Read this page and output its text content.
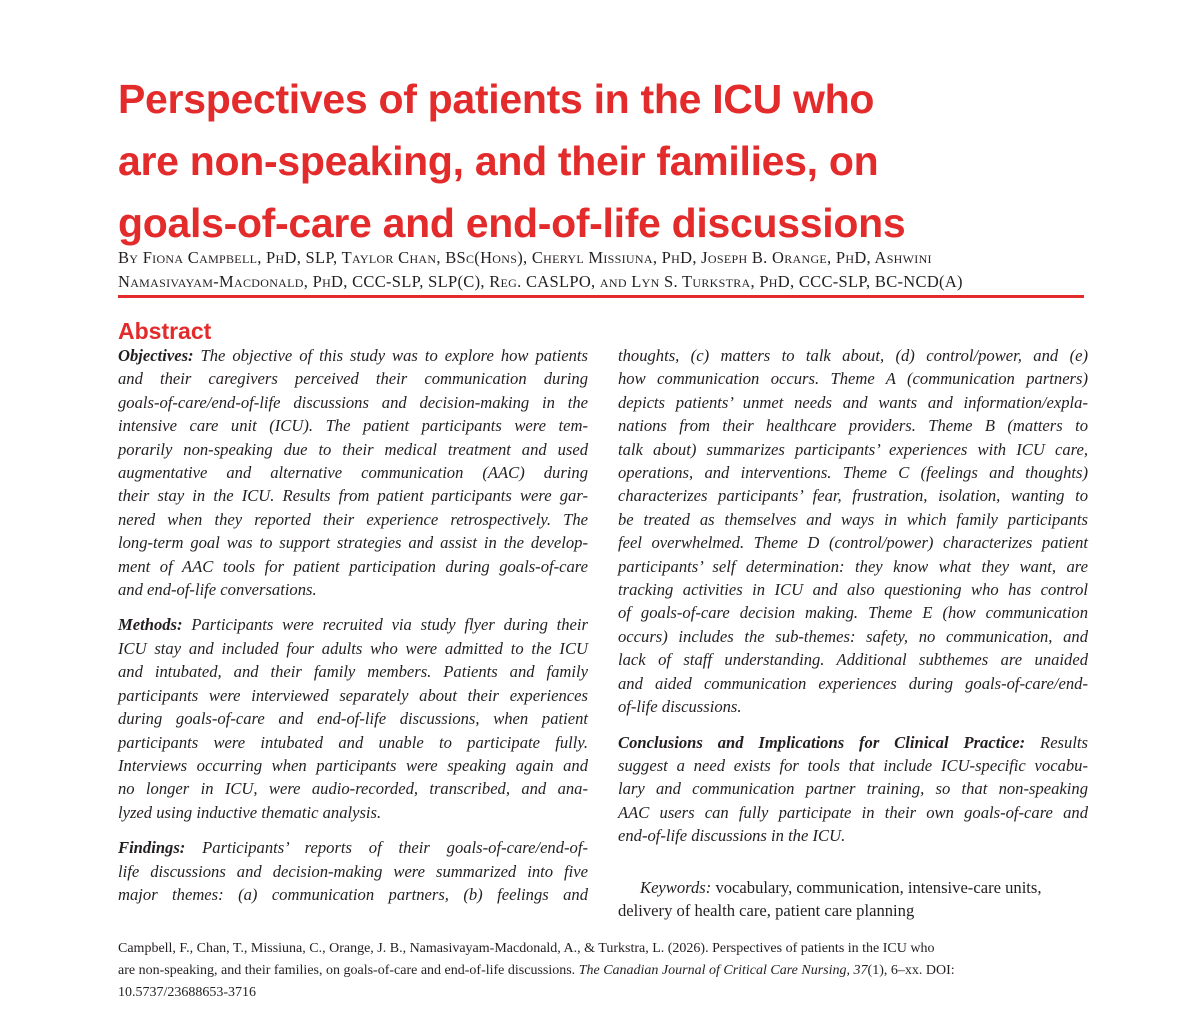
Perspectives of patients in the ICU who
are non-speaking, and their families, on
goals-of-care and end-of-life discussions
By Fiona Campbell, PhD, SLP, Taylor Chan, BSc(Hons), Cheryl Missiuna, PhD, Joseph B. Orange, PhD, Ashwini
Namasivayam-Macdonald, PhD, CCC-SLP, SLP(C), Reg. CASLPO, and Lyn S. Turkstra, PhD, CCC-SLP, BC-NCD(A)
Abstract
Objectives: The objective of this study was to explore how patients
and their caregivers perceived their communication during
goals-of-care/end-of-life discussions and decision-making in the
intensive care unit (ICU). The patient participants were tem-
porarily non-speaking due to their medical treatment and used
augmentative and alternative communication (AAC) during
their stay in the ICU. Results from patient participants were gar-
nered when they reported their experience retrospectively. The
long-term goal was to support strategies and assist in the develop-
ment of AAC tools for patient participation during goals-of-care
and end-of-life conversations.
Methods: Participants were recruited via study flyer during their
ICU stay and included four adults who were admitted to the ICU
and intubated, and their family members. Patients and family
participants were interviewed separately about their experiences
during goals-of-care and end-of-life discussions, when patient
participants were intubated and unable to participate fully.
Interviews occurring when participants were speaking again and
no longer in ICU, were audio-recorded, transcribed, and ana-
lyzed using inductive thematic analysis.
Findings: Participants’ reports of their goals-of-care/end-of-
life discussions and decision-making were summarized into five
major themes: (a) communication partners, (b) feelings and
thoughts, (c) matters to talk about, (d) control/power, and (e)
how communication occurs. Theme A (communication partners)
depicts patients’ unmet needs and wants and information/expla-
nations from their healthcare providers. Theme B (matters to
talk about) summarizes participants’ experiences with ICU care,
operations, and interventions. Theme C (feelings and thoughts)
characterizes participants’ fear, frustration, isolation, wanting to
be treated as themselves and ways in which family participants
feel overwhelmed. Theme D (control/power) characterizes patient
participants’ self determination: they know what they want, are
tracking activities in ICU and also questioning who has control
of goals-of-care decision making. Theme E (how communication
occurs) includes the sub-themes: safety, no communication, and
lack of staff understanding. Additional subthemes are unaided
and aided communication experiences during goals-of-care/end-
of-life discussions.
Conclusions and Implications for Clinical Practice: Results
suggest a need exists for tools that include ICU-specific vocabu-
lary and communication partner training, so that non-speaking
AAC users can fully participate in their own goals-of-care and
end-of-life discussions in the ICU.
Keywords: vocabulary, communication, intensive-care units,
delivery of health care, patient care planning
Campbell, F., Chan, T., Missiuna, C., Orange, J. B., Namasivayam-Macdonald, A., & Turkstra, L. (2026). Perspectives of patients in the ICU who
are non-speaking, and their families, on goals-of-care and end-of-life discussions. The Canadian Journal of Critical Care Nursing, 37(1), 6–xx. DOI:
10.5737/23688653-3716
